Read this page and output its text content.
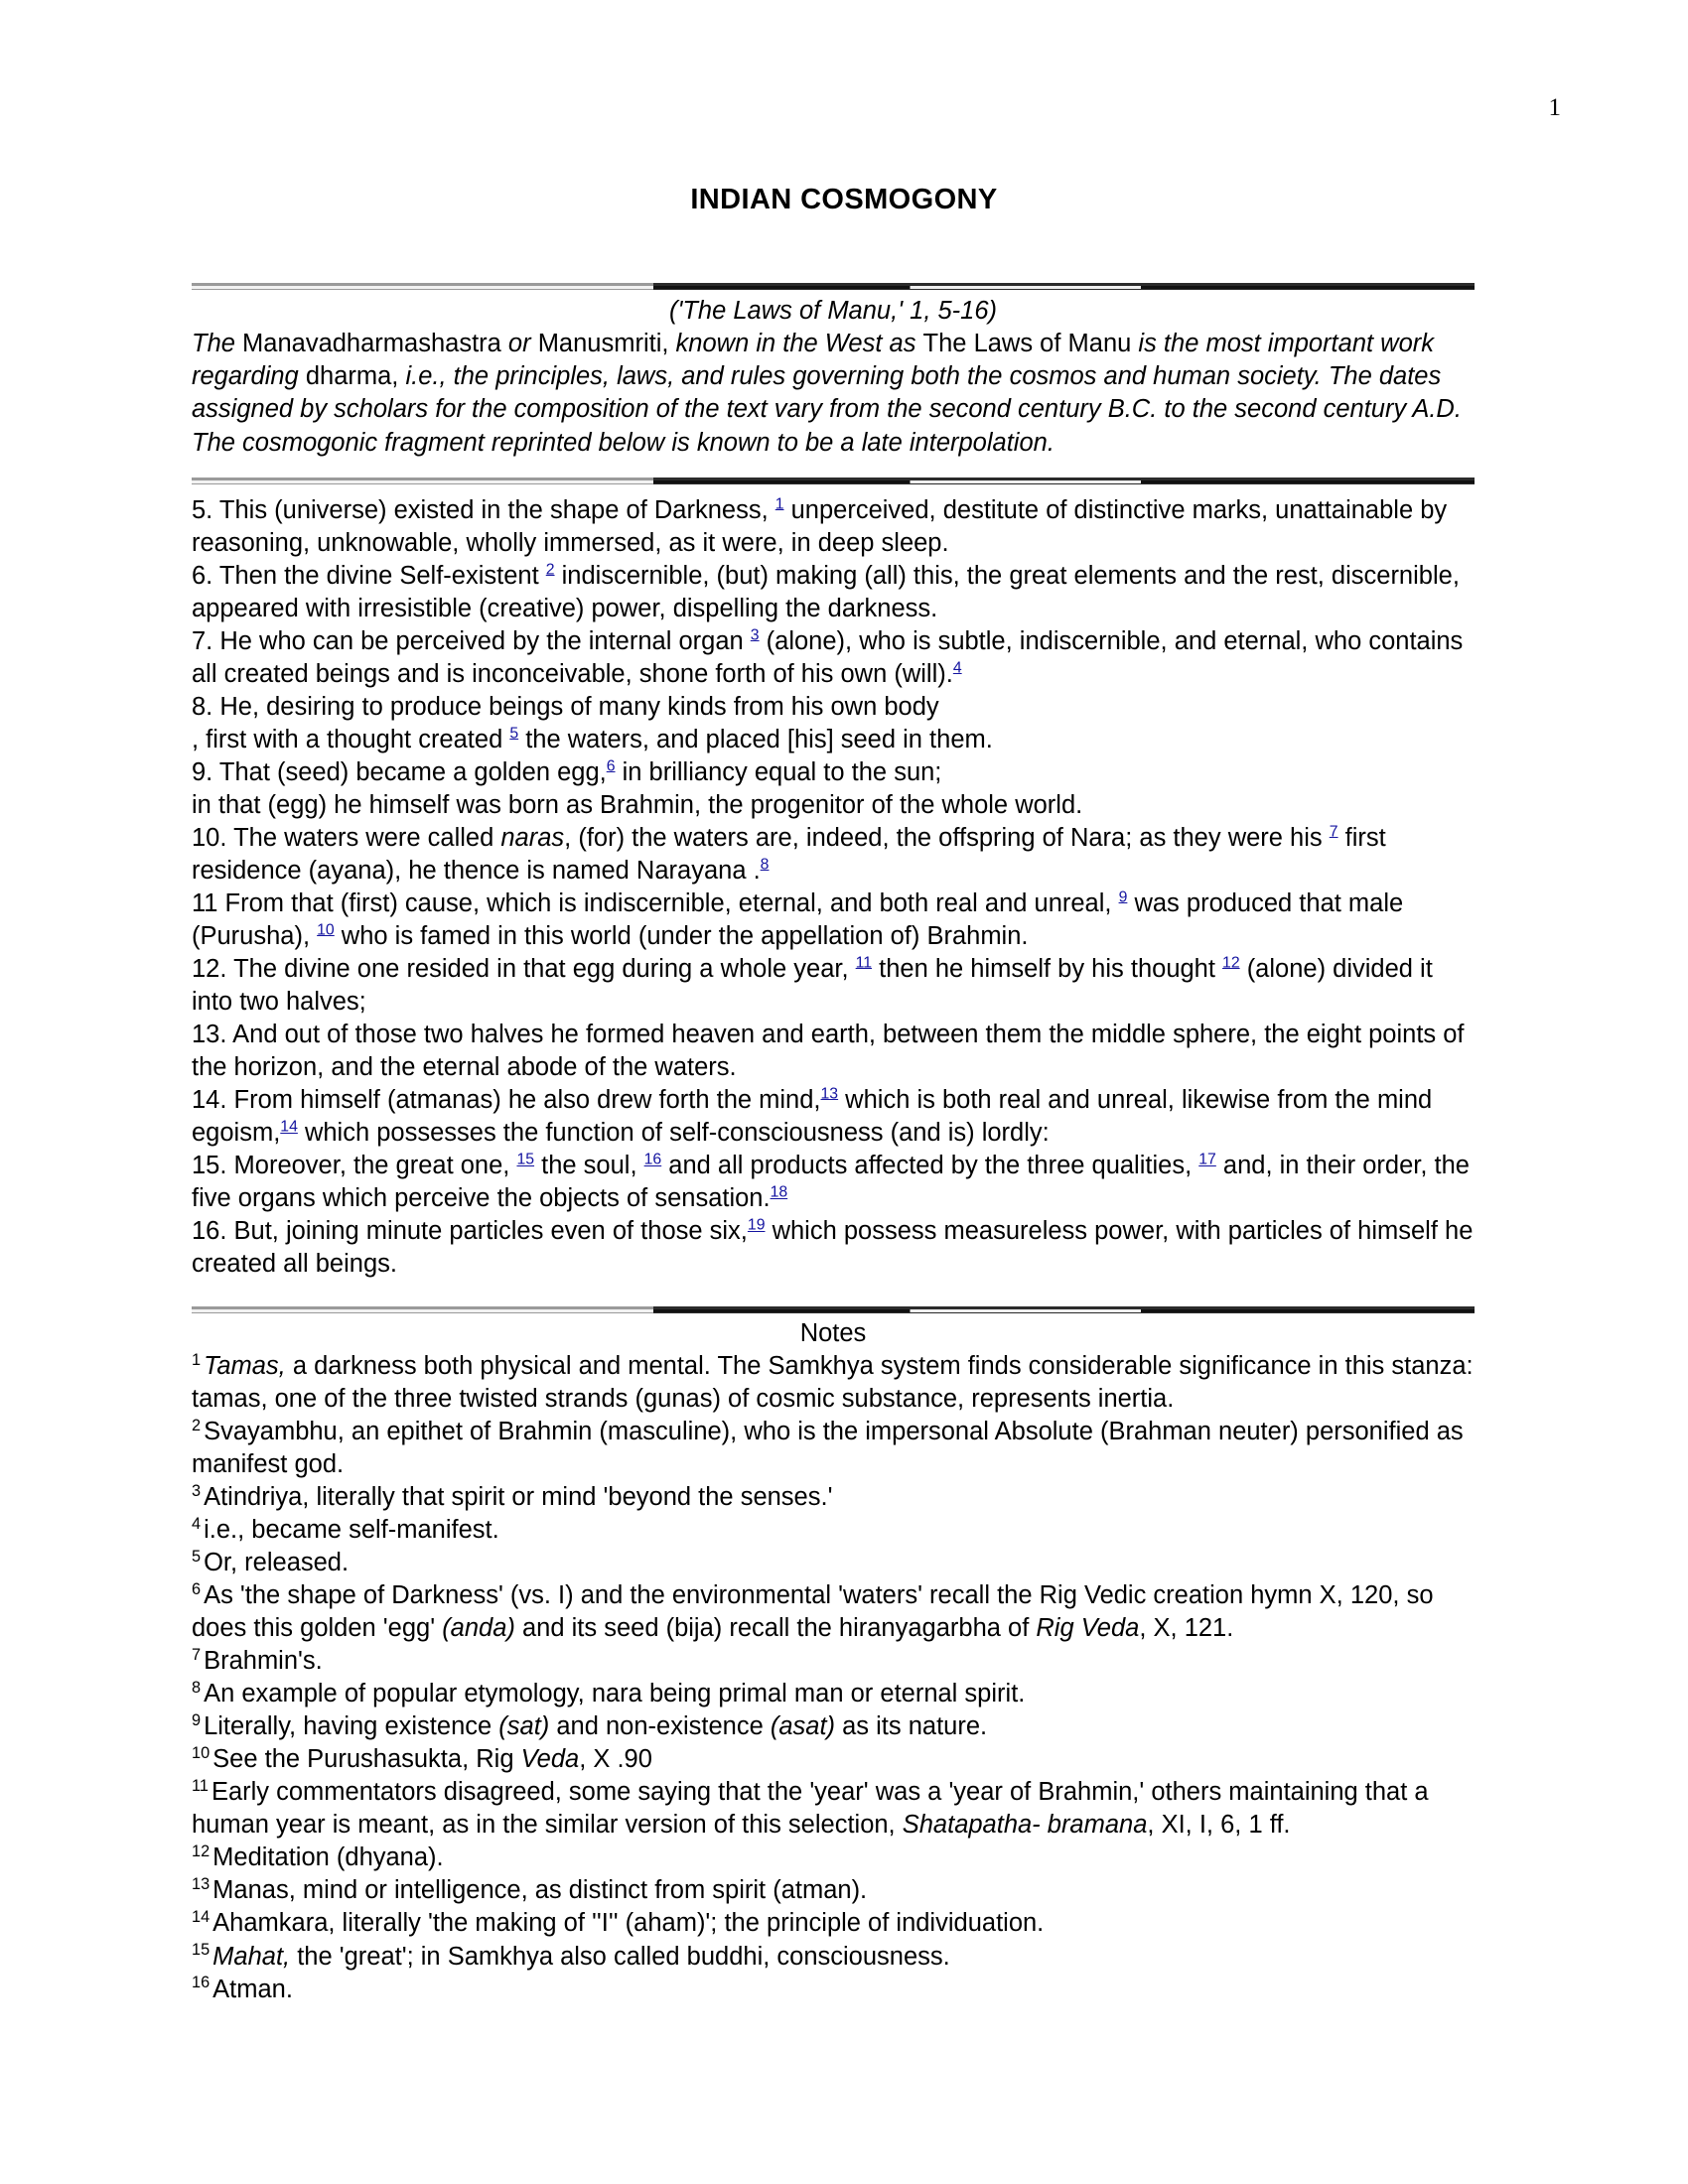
1
INDIAN COSMOGONY
('The Laws of Manu,' 1, 5-16)
The Manavadharmashastra or Manusmriti, known in the West as The Laws of Manu is the most important work regarding dharma, i.e., the principles, laws, and rules governing both the cosmos and human society. The dates assigned by scholars for the composition of the text vary from the second century B.C. to the second century A.D. The cosmogonic fragment reprinted below is known to be a late interpolation.
5. This (universe) existed in the shape of Darkness, $^1$ unperceived, destitute of distinctive marks, unattainable by reasoning, unknowable, wholly immersed, as it were, in deep sleep.
6. Then the divine Self-existent $^2$ indiscernible, (but) making (all) this, the great elements and the rest, discernible, appeared with irresistible (creative) power, dispelling the darkness.
7. He who can be perceived by the internal organ $^3$ (alone), who is subtle, indiscernible, and eternal, who contains all created beings and is inconceivable, shone forth of his own (will).$^4$
8. He, desiring to produce beings of many kinds from his own body
, first with a thought created $^5$ the waters, and placed [his] seed in them.
9. That (seed) became a golden egg,$^6$ in brilliancy equal to the sun;
in that (egg) he himself was born as Brahmin, the progenitor of the whole world.
10. The waters were called naras, (for) the waters are, indeed, the offspring of Nara; as they were his $^7$ first residence (ayana), he thence is named Narayana .$^8$
11 From that (first) cause, which is indiscernible, eternal, and both real and unreal, $^9$ was produced that male (Purusha), $^{10}$ who is famed in this world (under the appellation of) Brahmin.
12. The divine one resided in that egg during a whole year, $^{11}$ then he himself by his thought $^{12}$ (alone) divided it into two halves;
13. And out of those two halves he formed heaven and earth, between them the middle sphere, the eight points of the horizon, and the eternal abode of the waters.
14. From himself (atmanas) he also drew forth the mind,$^{13}$ which is both real and unreal, likewise from the mind egoism,$^{14}$ which possesses the function of self-consciousness (and is) lordly:
15. Moreover, the great one, $^{15}$ the soul, $^{16}$ and all products affected by the three qualities, $^{17}$ and, in their order, the five organs which perceive the objects of sensation.$^{18}$
16. But, joining minute particles even of those six,$^{19}$ which possess measureless power, with particles of himself he created all beings.
Notes
$^1$ Tamas, a darkness both physical and mental. The Samkhya system finds considerable significance in this stanza: tamas, one of the three twisted strands (gunas) of cosmic substance, represents inertia.
$^2$ Svayambhu, an epithet of Brahmin (masculine), who is the impersonal Absolute (Brahman neuter) personified as manifest god.
$^3$ Atindriya, literally that spirit or mind 'beyond the senses.'
$^4$ i.e., became self-manifest.
$^5$ Or, released.
$^6$ As 'the shape of Darkness' (vs. I) and the environmental 'waters' recall the Rig Vedic creation hymn X, 120, so does this golden 'egg' (anda) and its seed (bija) recall the hiranyagarbha of Rig Veda, X, 121.
$^7$ Brahmin's.
$^8$ An example of popular etymology, nara being primal man or eternal spirit.
$^9$ Literally, having existence (sat) and non-existence (asat) as its nature.
$^{10}$ See the Purushasukta, Rig Veda, X .90
$^{11}$ Early commentators disagreed, some saying that the 'year' was a 'year of Brahmin,' others maintaining that a human year is meant, as in the similar version of this selection, Shatapatha- bramana, XI, I, 6, 1 ff.
$^{12}$ Meditation (dhyana).
$^{13}$ Manas, mind or intelligence, as distinct from spirit (atman).
$^{14}$ Ahamkara, literally 'the making of ''I'' (aham)'; the principle of individuation.
$^{15}$ Mahat, the 'great'; in Samkhya also called buddhi, consciousness.
$^{16}$ Atman.
